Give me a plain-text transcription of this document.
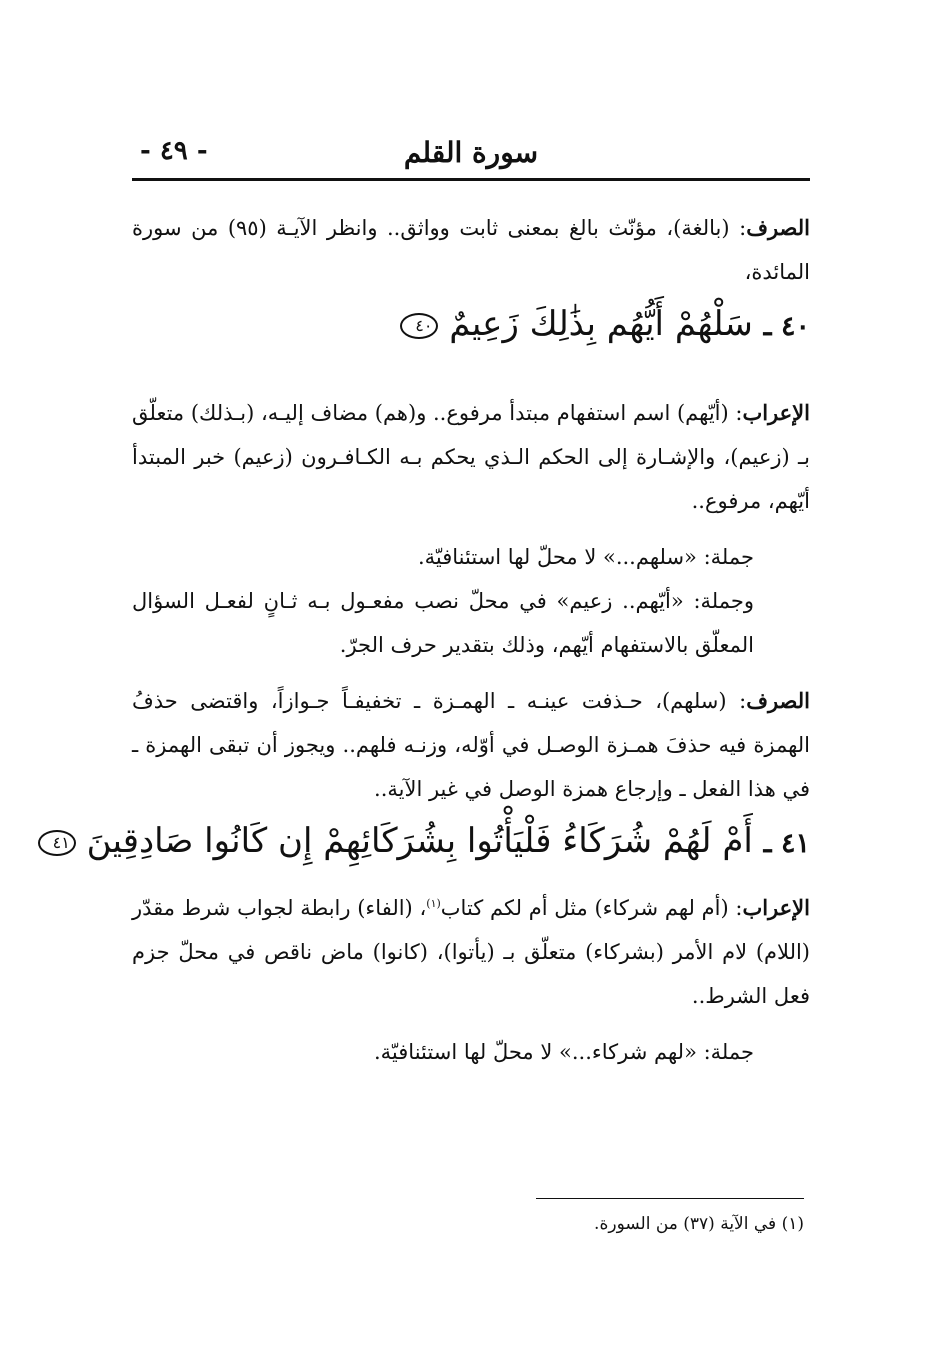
سورة القلم
- ٤٩ -

الصرف: (بالغة)، مؤنّث بالغ بمعنى ثابت وواثق.. وانظر الآيـة (٩٥) من سورة المائدة،

٤٠ ـ سَلْهُمْ أَيُّهُم بِذَٰلِكَ زَعِيمٌ ٤٠

الإعراب: (أيّهم) اسم استفهام مبتدأ مرفوع.. و(هم) مضاف إليـه، (بـذلك) متعلّق بـ (زعيم)، والإشـارة إلى الحكم الـذي يحكم بـه الكـافـرون (زعيم) خبر المبتدأ أيّهم، مرفوع..

جملة: «سلهم...» لا محلّ لها استئنافيّة.

وجملة: «أيّهم.. زعيم» في محلّ نصب مفعـول بـه ثـانٍ لفعـل السؤال المعلّق بالاستفهام أيّهم، وذلك بتقدير حرف الجرّ.

الصرف: (سلهم)، حـذفت عينـه ـ الهمـزة ـ تخفيفـاً جـوازاً، واقتضى حذفُ الهمزة فيه حذفَ همـزة الوصـل في أوّله، وزنـه فلهم.. ويجوز أن تبقى الهمزة ـ في هذا الفعل ـ وإرجاع همزة الوصل في غير الآية..

٤١ ـ أَمْ لَهُمْ شُرَكَاءُ فَلْيَأْتُوا بِشُرَكَائِهِمْ إِن كَانُوا صَادِقِينَ ٤١

الإعراب: (أم لهم شركاء) مثل أم لكم كتاب$^{(١)}$، (الفاء) رابطة لجواب شرط مقدّر (اللام) لام الأمر (بشركاء) متعلّق بـ (يأتوا)، (كانوا) ماض ناقص في محلّ جزم فعل الشرط..

جملة: «لهم شركاء...» لا محلّ لها استئنافيّة.

(١) في الآية (٣٧) من السورة.
